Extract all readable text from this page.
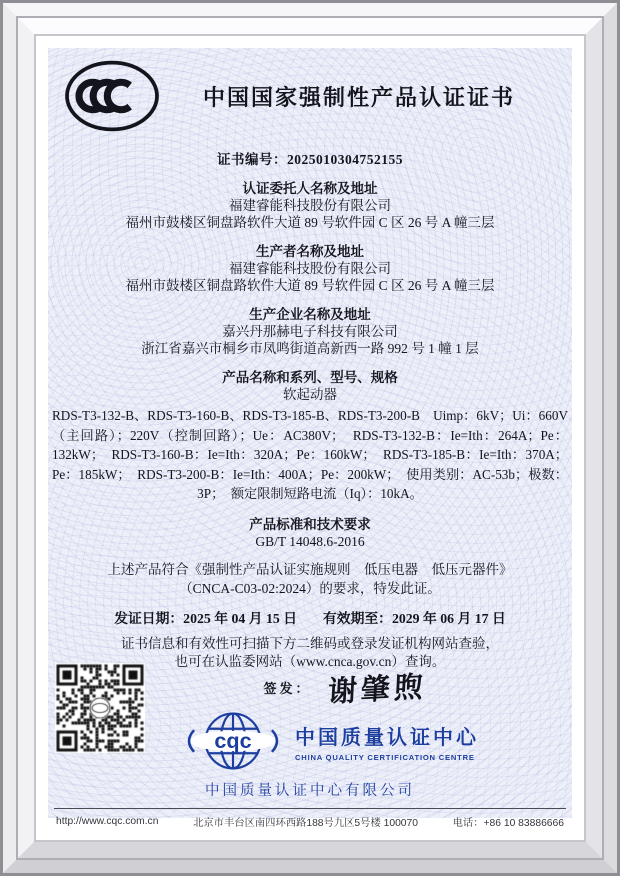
中国国家强制性产品认证证书
证书编号：2025010304752155
认证委托人名称及地址
福建睿能科技股份有限公司
福州市鼓楼区铜盘路软件大道 89 号软件园 C 区 26 号 A 幢三层
生产者名称及地址
福建睿能科技股份有限公司
福州市鼓楼区铜盘路软件大道 89 号软件园 C 区 26 号 A 幢三层
生产企业名称及地址
嘉兴丹那赫电子科技有限公司
浙江省嘉兴市桐乡市凤鸣街道高新西一路 992 号 1 幢 1 层
产品名称和系列、型号、规格
软起动器
RDS-T3-132-B、RDS-T3-160-B、RDS-T3-185-B、RDS-T3-200-B　Uimp：6kV；Ui：660V（主回路）；220V（控制回路）；Ue：AC380V；　RDS-T3-132-B：Ie=Ith：264A；Pe：132kW；　RDS-T3-160-B：Ie=Ith：320A；Pe：160kW；　RDS-T3-185-B：Ie=Ith：370A；Pe：185kW；　RDS-T3-200-B：Ie=Ith：400A；Pe：200kW；　使用类别：AC-53b；极数：3P；　额定限制短路电流（Iq）：10kA。
产品标准和技术要求
GB/T 14048.6-2016
上述产品符合《强制性产品认证实施规则　低压电器　低压元器件》
（CNCA-C03-02:2024）的要求，特发此证。
发证日期：2025 年 04 月 15 日 有效期至：2029 年 06 月 17 日
证书信息和有效性可扫描下方二维码或登录发证机构网站查验，
也可在认监委网站（www.cnca.gov.cn）查询。
签发： 谢肇煦
cqc 中国质量认证中心
CHINA QUALITY CERTIFICATION CENTRE
中国质量认证中心有限公司
http://www.cqc.com.cn	北京市丰台区南四环西路188号九区5号楼 100070	电话：+86 10 83886666
